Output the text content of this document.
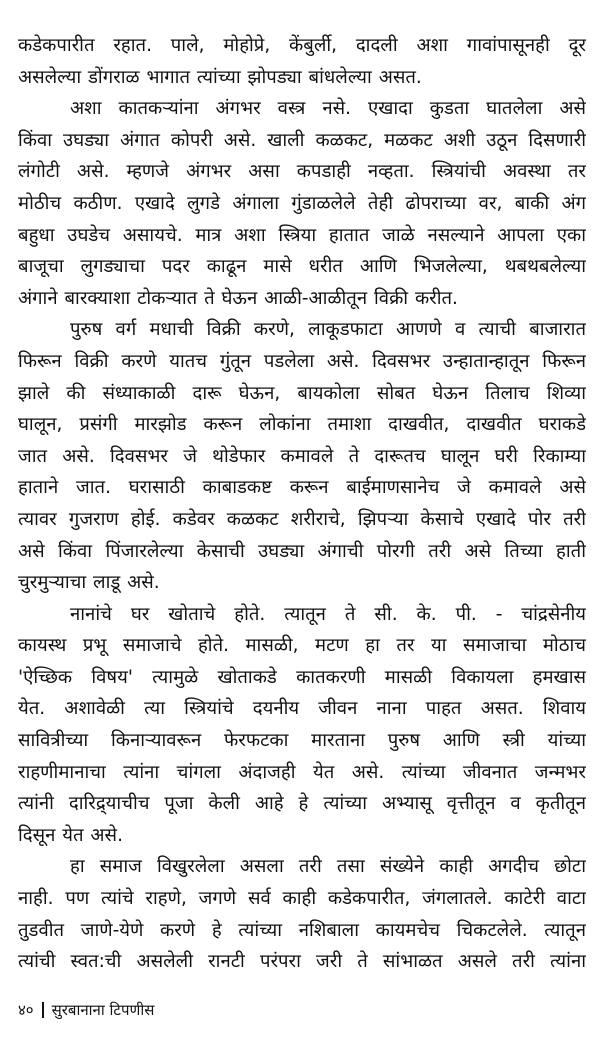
कडेकपारीत रहात. पाले, मोहोप्रे, केंबुर्ली, दादली अशा गावांपासूनही दूर
असलेल्या डोंगराळ भागात त्यांच्या झोपड्या बांधलेल्या असत.

अशा कातकऱ्यांना अंगभर वस्त्र नसे. एखादा कुडता घातलेला असे
किंवा उघड्या अंगात कोपरी असे. खाली कळकट, मळकट अशी उठून दिसणारी
लंगोटी असे. म्हणजे अंगभर असा कपडाही नव्हता. स्त्रियांची अवस्था तर
मोठीच कठीण. एखादे लुगडे अंगाला गुंडाळलेले तेही ढोपराच्या वर, बाकी अंग
बहुधा उघडेच असायचे. मात्र अशा स्त्रिया हातात जाळे नसल्याने आपला एका
बाजूचा लुगड्याचा पदर काढून मासे धरीत आणि भिजलेल्या, थबथबलेल्या
अंगाने बारक्याशा टोकऱ्यात ते घेऊन आळी-आळीतून विक्री करीत.

पुरुष वर्ग मधाची विक्री करणे, लाकूडफाटा आणणे व त्याची बाजारात
फिरून विक्री करणे यातच गुंतून पडलेला असे. दिवसभर उन्हातान्हातून फिरून
झाले की संध्याकाळी दारू घेऊन, बायकोला सोबत घेऊन तिलाच शिव्या
घालून, प्रसंगी मारझोड करून लोकांना तमाशा दाखवीत, दाखवीत घराकडे
जात असे. दिवसभर जे थोडेफार कमावले ते दारूतच घालून घरी रिकाम्या
हाताने जात. घरासाठी काबाडकष्ट करून बाईमाणसानेच जे कमावले असे
त्यावर गुजराण होई. कडेवर कळकट शरीराचे, झिपऱ्या केसाचे एखादे पोर तरी
असे किंवा पिंजारलेल्या केसाची उघड्या अंगाची पोरगी तरी असे तिच्या हाती
चुरमुऱ्याचा लाडू असे.

नानांचे घर खोताचे होते. त्यातून ते सी. के. पी. - चांद्रसेनीय
कायस्थ प्रभू समाजाचे होते. मासळी, मटण हा तर या समाजाचा मोठाच
'ऐच्छिक विषय' त्यामुळे खोताकडे कातकरणी मासळी विकायला हमखास
येत. अशावेळी त्या स्त्रियांचे दयनीय जीवन नाना पाहत असत. शिवाय
सावित्रीच्या किनाऱ्यावरून फेरफटका मारताना पुरुष आणि स्त्री यांच्या
राहणीमानाचा त्यांना चांगला अंदाजही येत असे. त्यांच्या जीवनात जन्मभर
त्यांनी दारिद्र्याचीच पूजा केली आहे हे त्यांच्या अभ्यासू वृत्तीतून व कृतीतून
दिसून येत असे.

हा समाज विखुरलेला असला तरी तसा संख्येने काही अगदीच छोटा
नाही. पण त्यांचे राहणे, जगणे सर्व काही कडेकपारीत, जंगलातले. काटेरी वाटा
तुडवीत जाणे-येणे करणे हे त्यांच्या नशिबाला कायमचेच चिकटलेले. त्यातून
त्यांची स्वत:ची असलेली रानटी परंपरा जरी ते सांभाळत असले तरी त्यांना

४० सुरबानाना टिपणीस
